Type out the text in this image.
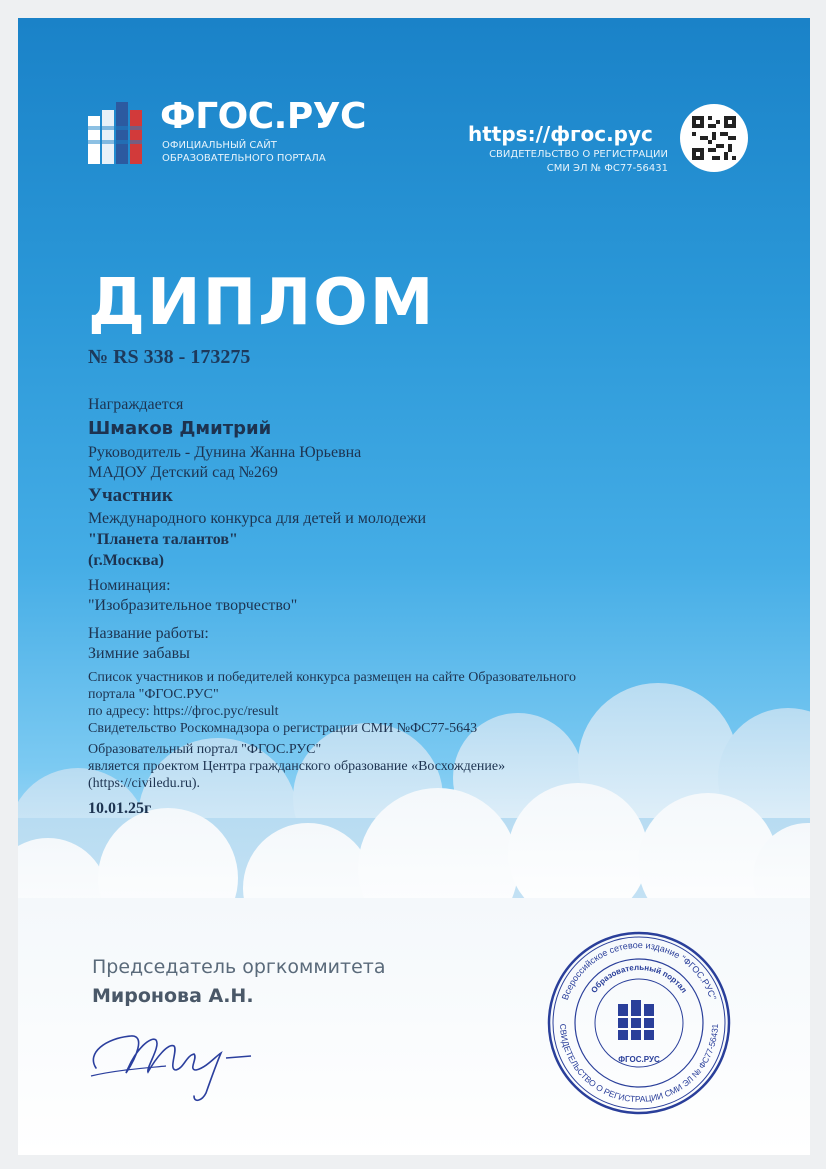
ФГОС.РУС
ОФИЦИАЛЬНЫЙ САЙТ
ОБРАЗОВАТЕЛЬНОГО ПОРТАЛА
https://фгос.рус
СВИДЕТЕЛЬСТВО О РЕГИСТРАЦИИ
СМИ ЭЛ № ФС77-56431
ДИПЛОМ
№ RS 338 - 173275
Награждается
Шмаков Дмитрий
Руководитель - Дунина Жанна Юрьевна
МАДОУ Детский сад №269
Участник
Международного конкурса для детей и молодежи
"Планета талантов"
(г.Москва)
Номинация:
"Изобразительное творчество"
Название работы:
Зимние забавы
Список участников и победителей конкурса размещен на сайте Образовательного
портала "ФГОС.РУС"
по адресу: https://фгос.рус/result
Свидетельство Роскомнадзора о регистрации СМИ №ФС77-5643
Образовательный портал "ФГОС.РУС"
является проектом Центра гражданского образование «Восхождение»
(https://civiledu.ru).
10.01.25г
Председатель оргкоммитета
Миронова А.Н.	Всероссийское сетевое издание "ФГОС.РУС"
СВИДЕТЕЛЬСТВО О РЕГИСТРАЦИИ СМИ ЭЛ № ФС77-56431
Образовательный портал
ФГОС.РУС
